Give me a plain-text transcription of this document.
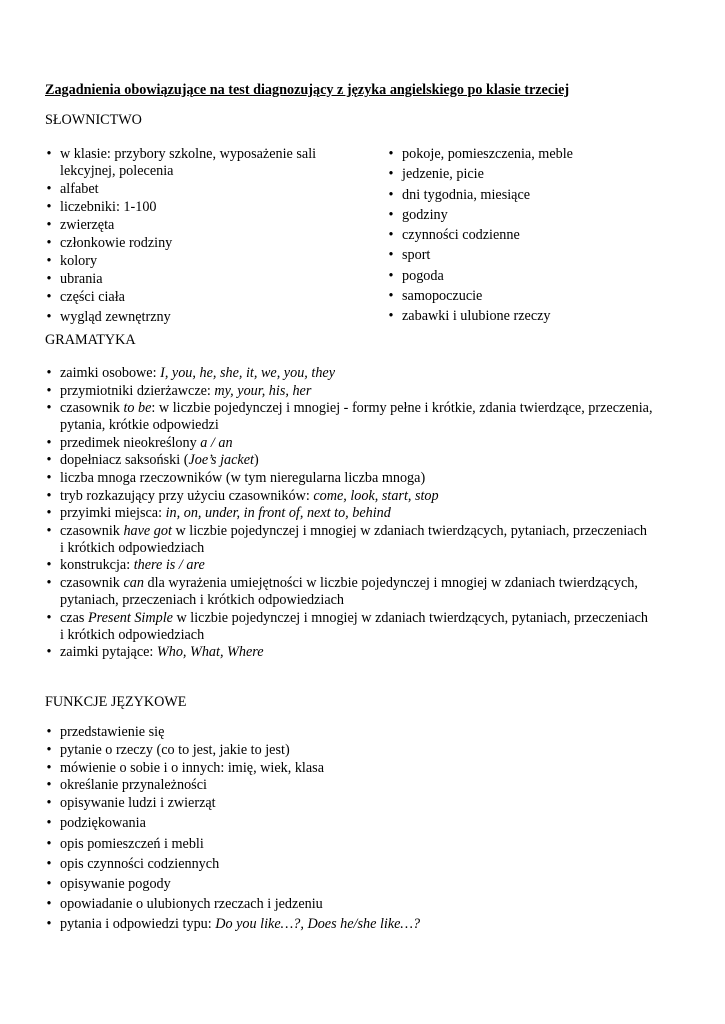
Zagadnienia obowiązujące na test diagnozujący z języka angielskiego po klasie trzeciej
SŁOWNICTWO
• w klasie: przybory szkolne, wyposażenie sali
lekcyjnej, polecenia
• alfabet
• liczebniki: 1-100
• zwierzęta
• członkowie rodziny
• kolory
• ubrania
• części ciała
• wygląd zewnętrzny
• pokoje, pomieszczenia, meble
• jedzenie, picie
• dni tygodnia, miesiące
• godziny
• czynności codzienne
• sport
• pogoda
• samopoczucie
• zabawki i ulubione rzeczy
GRAMATYKA
• zaimki osobowe: I, you, he, she, it, we, you, they
• przymiotniki dzierżawcze: my, your, his, her
• czasownik to be: w liczbie pojedynczej i mnogiej - formy pełne i krótkie, zdania twierdzące, przeczenia,
pytania, krótkie odpowiedzi
• przedimek nieokreślony a / an
• dopełniacz saksoński (Joe’s jacket)
• liczba mnoga rzeczowników (w tym nieregularna liczba mnoga)
• tryb rozkazujący przy użyciu czasowników: come, look, start, stop
• przyimki miejsca: in, on, under, in front of, next to, behind
• czasownik have got w liczbie pojedynczej i mnogiej w zdaniach twierdzących, pytaniach, przeczeniach
i krótkich odpowiedziach
• konstrukcja: there is / are
• czasownik can dla wyrażenia umiejętności w liczbie pojedynczej i mnogiej w zdaniach twierdzących,
pytaniach, przeczeniach i krótkich odpowiedziach
• czas Present Simple w liczbie pojedynczej i mnogiej w zdaniach twierdzących, pytaniach, przeczeniach
i krótkich odpowiedziach
• zaimki pytające: Who, What, Where
FUNKCJE JĘZYKOWE
• przedstawienie się
• pytanie o rzeczy (co to jest, jakie to jest)
• mówienie o sobie i o innych: imię, wiek, klasa
• określanie przynależności
• opisywanie ludzi i zwierząt
• podziękowania
• opis pomieszczeń i mebli
• opis czynności codziennych
• opisywanie pogody
• opowiadanie o ulubionych rzeczach i jedzeniu
• pytania i odpowiedzi typu: Do you like…?, Does he/she like…?
